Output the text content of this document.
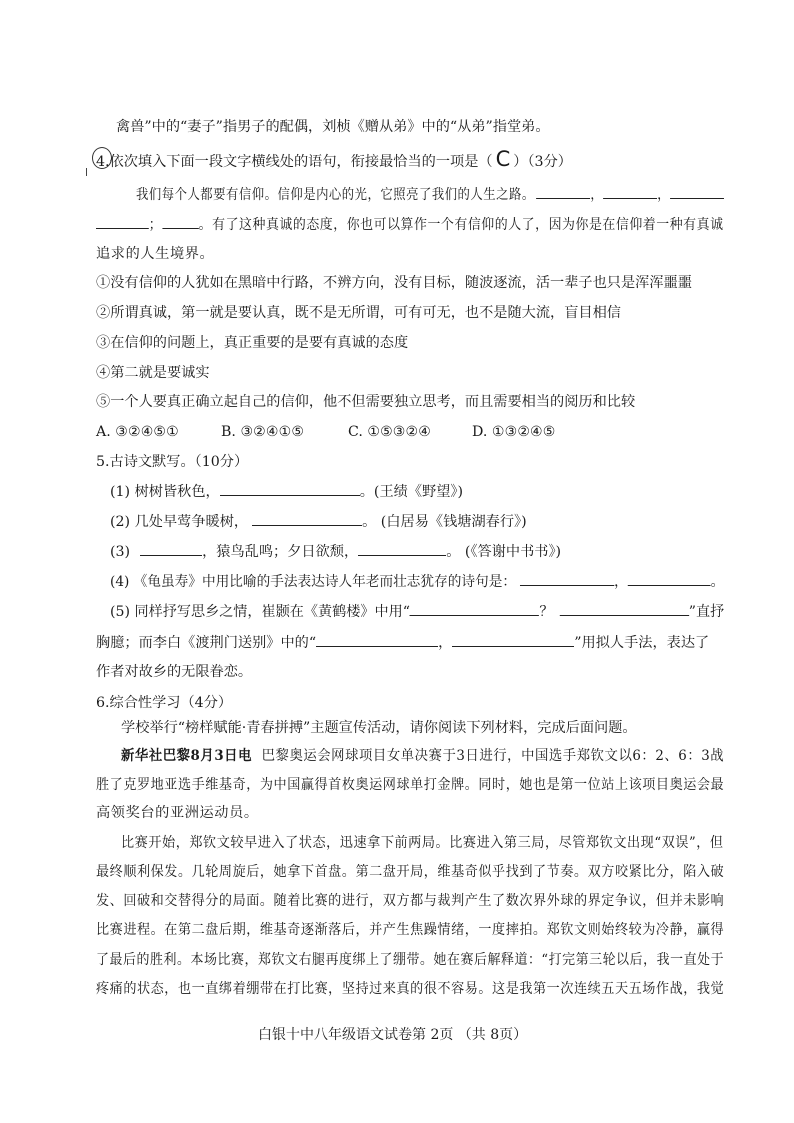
禽兽”中的“妻子”指男子的配偶，刘桢《赠从弟》中的“从弟”指堂弟。
4.依次填入下面一段文字横线处的语句，衔接最恰当的一项是（ C ）（3分）
我们每个人都要有信仰。信仰是内心的光，它照亮了我们的人生之路。	，	，
；	。有了这种真诚的态度，你也可以算作一个有信仰的人了，因为你是在信仰着一种有真诚
追求的人生境界。
①没有信仰的人犹如在黑暗中行路，不辨方向，没有目标，随波逐流，活一辈子也只是浑浑噩噩
②所谓真诚，第一就是要认真，既不是无所谓，可有可无，也不是随大流，盲目相信
③在信仰的问题上，真正重要的是要有真诚的态度
④第二就是要诚实
⑤一个人要真正确立起自己的信仰，他不但需要独立思考，而且需要相当的阅历和比较
A. ③②④⑤①	B. ③②④①⑤	C. ①⑤③②④	D. ①③②④⑤
5.古诗文默写。（10分）
(1) 树树皆秋色，	。(王绩《野望》)
(2) 几处早莺争暖树，	。 (白居易《钱塘湖春行》)
(3)	，猿鸟乱鸣；夕日欲颓，	。 (《答谢中书书》)
(4) 《龟虽寿》中用比喻的手法表达诗人年老而壮志犹存的诗句是：	，	。
(5) 同样抒写思乡之情，崔颢在《黄鹤楼》中用“	？	”直抒
胸臆；而李白《渡荆门送别》中的“	，	”用拟人手法，表达了
作者对故乡的无限眷恋。
6.综合性学习（4分）
学校举行“榜样赋能·青春拼搏”主题宣传活动，请你阅读下列材料，完成后面问题。
新华社巴黎8月3日电 巴黎奥运会网球项目女单决赛于3日进行，中国选手郑钦文以6：2、6：3战
胜了克罗地亚选手维基奇，为中国赢得首枚奥运网球单打金牌。同时，她也是第一位站上该项目奥运会最
高领奖台的亚洲运动员。
比赛开始，郑钦文较早进入了状态，迅速拿下前两局。比赛进入第三局，尽管郑钦文出现“双误”，但
最终顺利保发。几轮周旋后，她拿下首盘。第二盘开局，维基奇似乎找到了节奏。双方咬紧比分，陷入破
发、回破和交替得分的局面。随着比赛的进行，双方都与裁判产生了数次界外球的界定争议，但并未影响
比赛进程。在第二盘后期，维基奇逐渐落后，并产生焦躁情绪，一度摔拍。郑钦文则始终较为冷静，赢得
了最后的胜利。本场比赛，郑钦文右腿再度绑上了绷带。她在赛后解释道：“打完第三轮以后，我一直处于
疼痛的状态，也一直绑着绷带在打比赛，坚持过来真的很不容易。这是我第一次连续五天五场作战，我觉
白银十中八年级语文试卷第 2页 （共 8页）
